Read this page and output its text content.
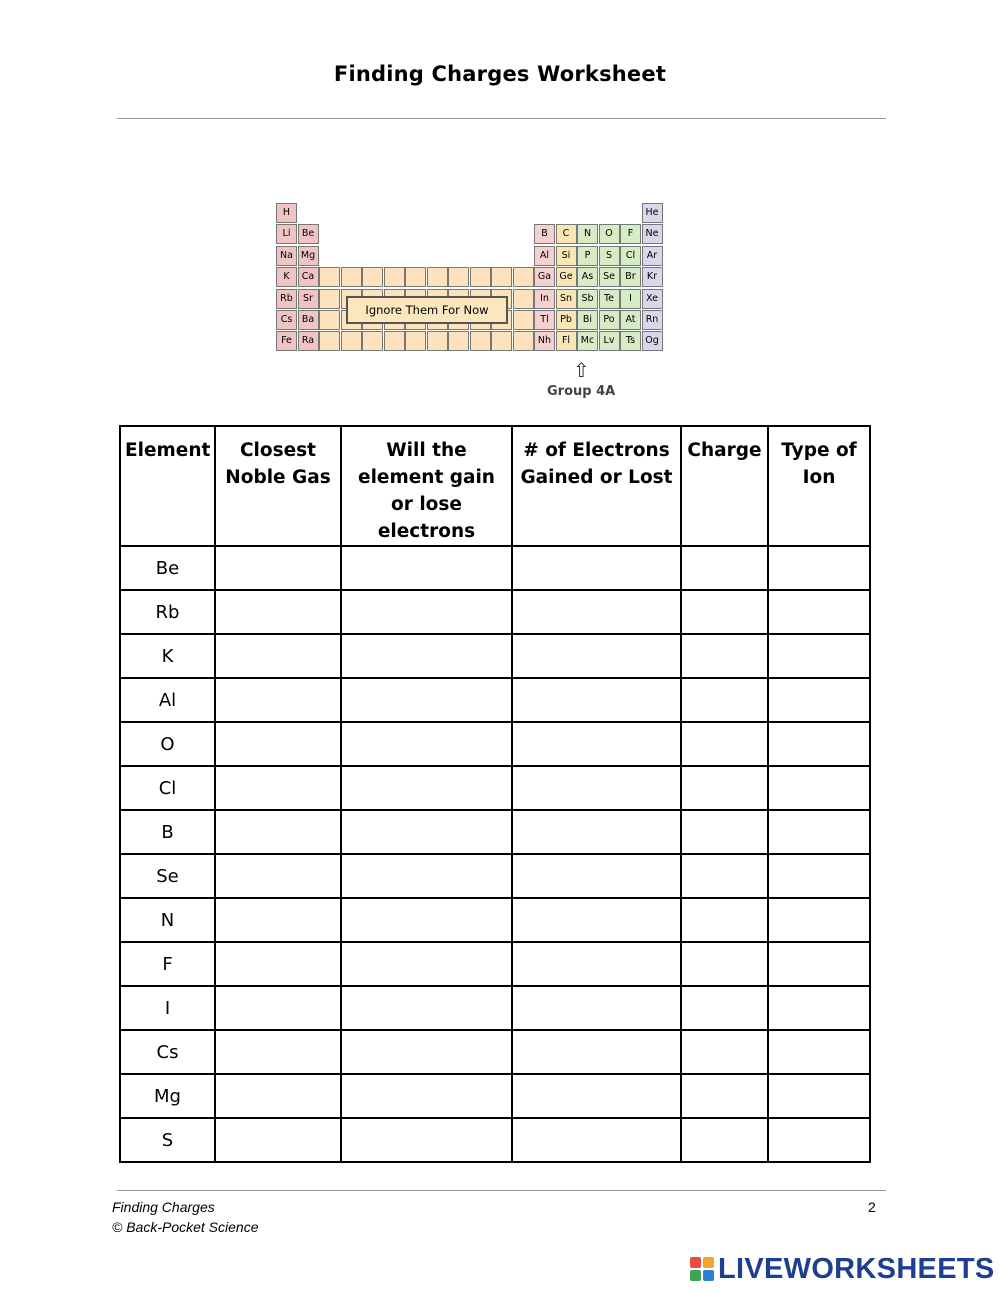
Finding Charges Worksheet
He
Og
Ts
Lv
Mc
Fl
Nh
Rn
At
Po
Bi
Pb
Tl
Xe
I
Te
Sb
Sn
In
Kr
Br
Se
As
Ge
Ga
Ar
Cl
S
P
Si
Al
Ne
F
O
N
C
B
Ra
Fe
Ba
Cs
Sr
Rb
Ca
K
Mg
Na
Be
Li
H
Ignore Them For Now
⇧
Group 4A
Element	Closest Noble Gas	Will the element gain or lose electrons	# of Electrons Gained or Lost	Charge	Type of Ion
Be					
Rb					
K					
Al					
O					
Cl					
B					
Se					
N					
F					
I					
Cs					
Mg					
S					
Finding Charges
© Back-Pocket Science
2
LIVEWORKSHEETS
